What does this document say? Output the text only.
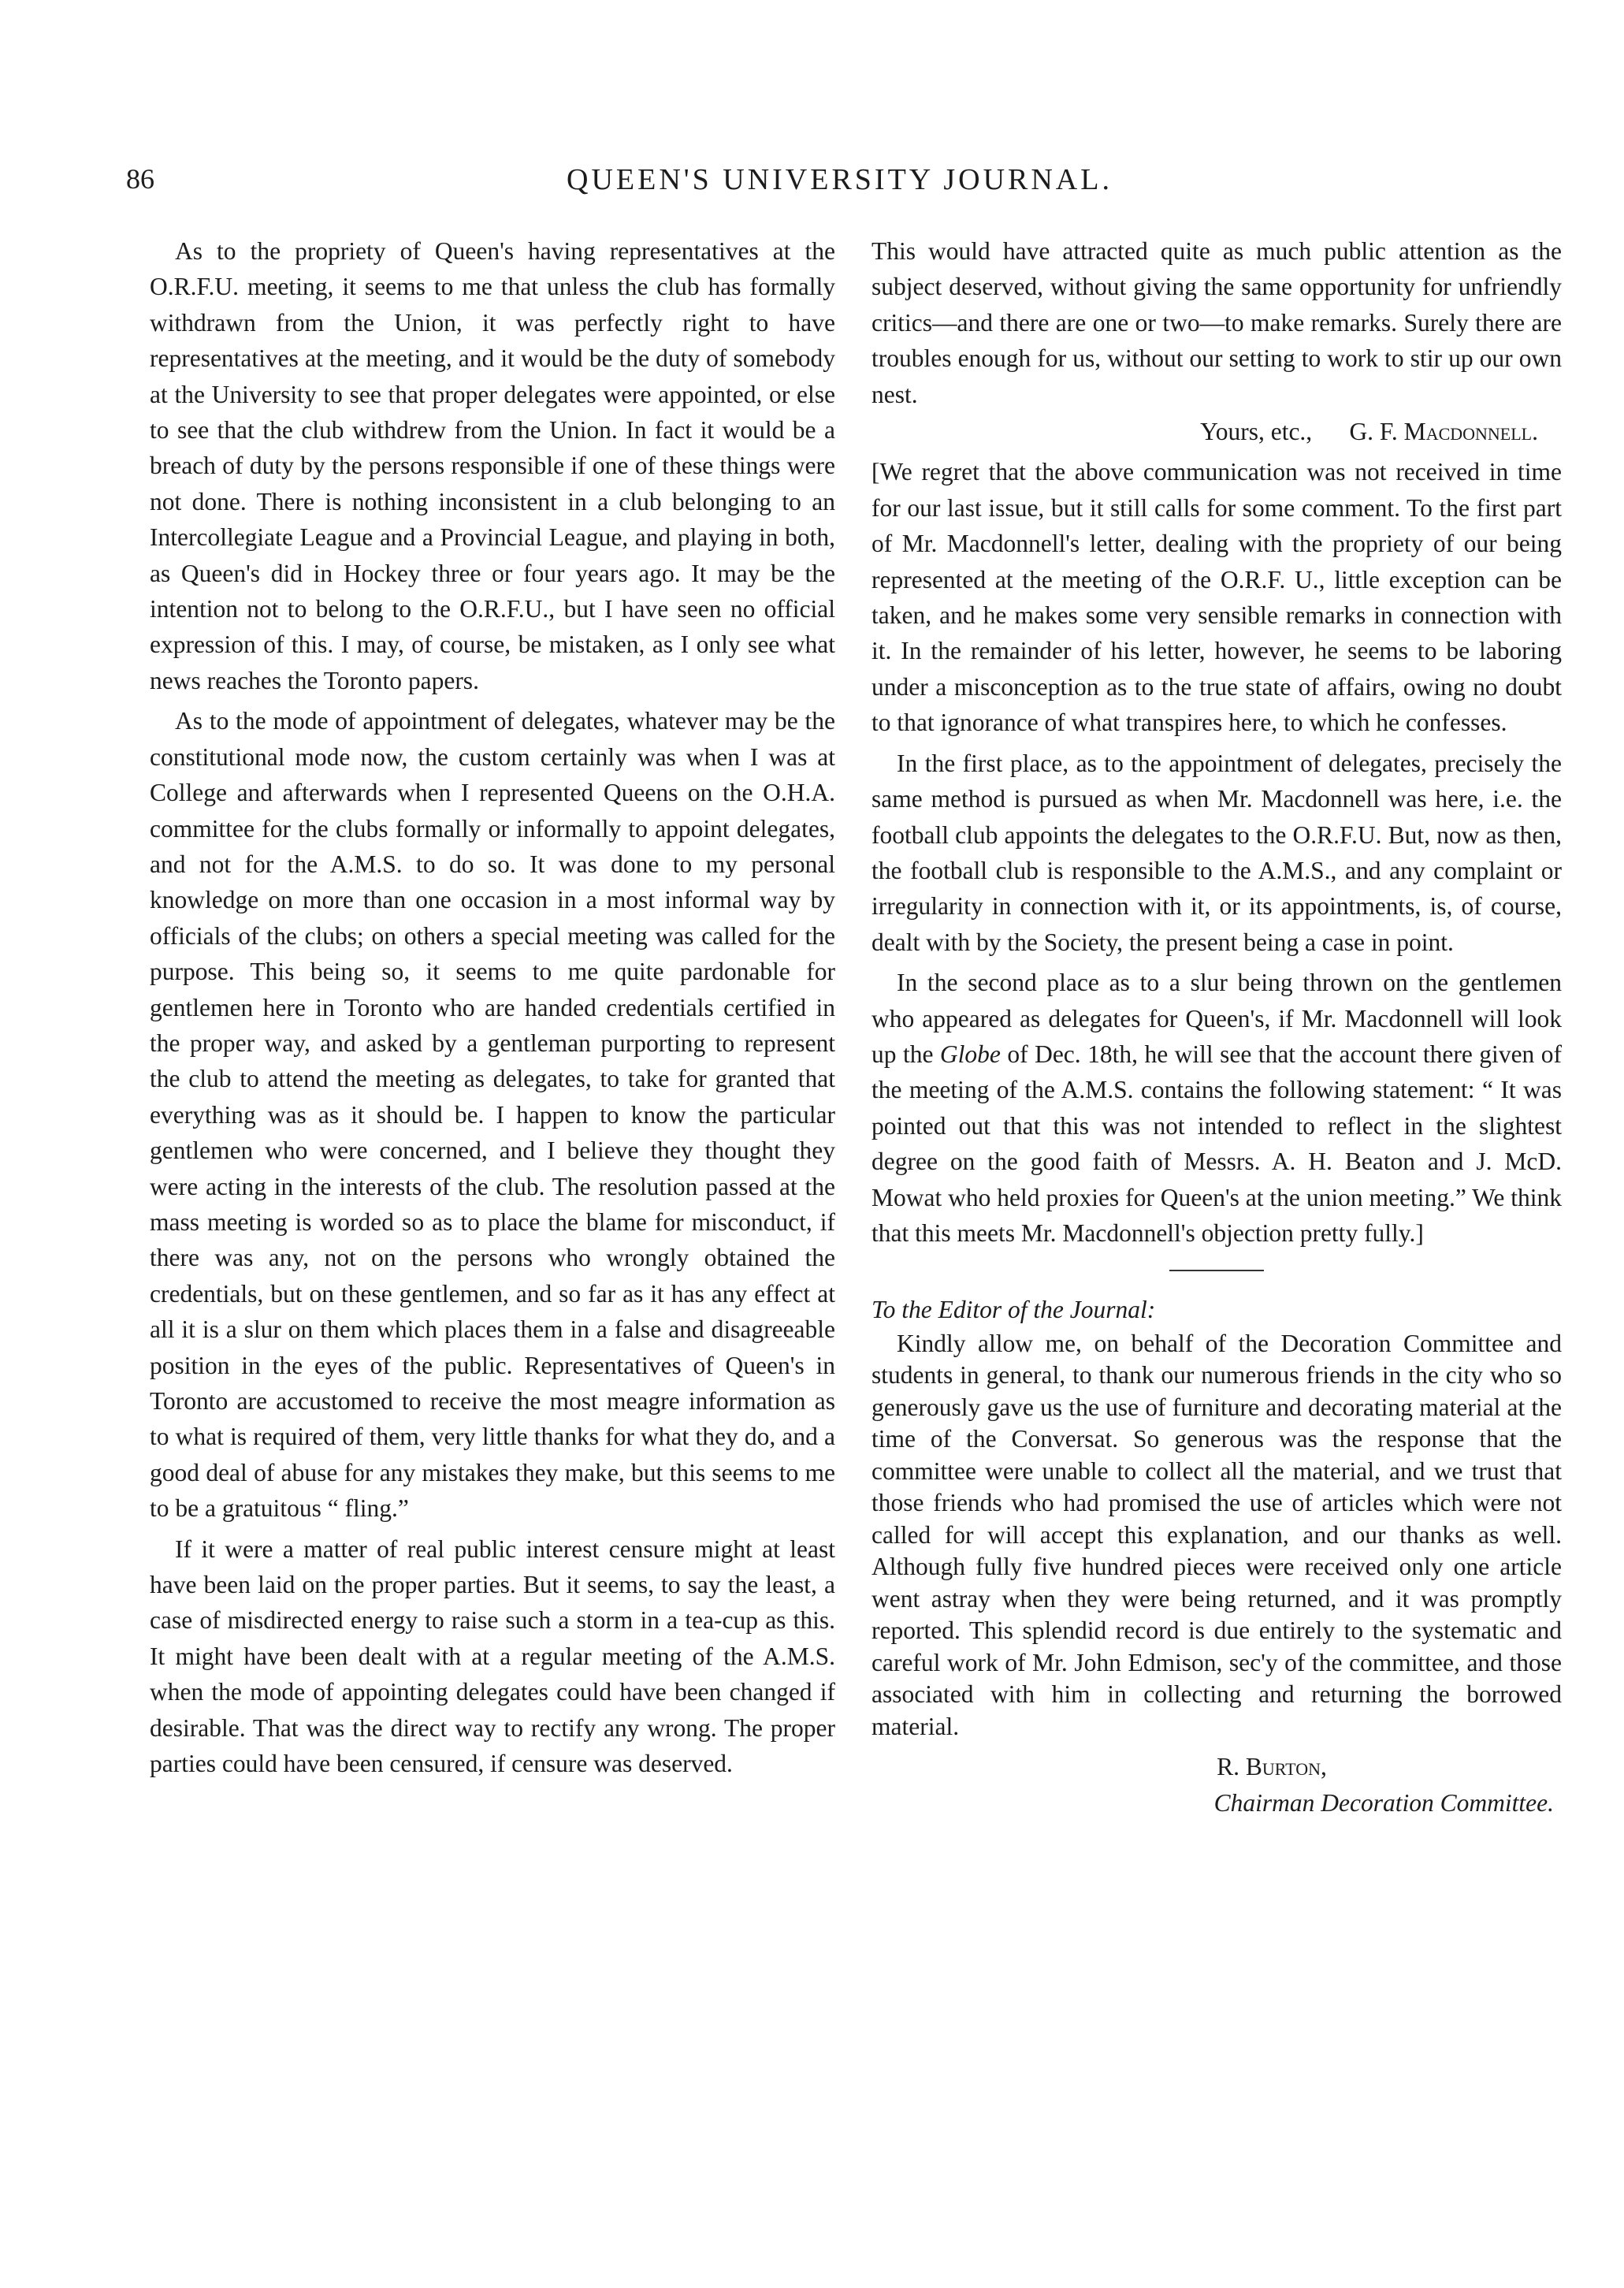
86	QUEEN'S UNIVERSITY JOURNAL.

As to the propriety of Queen's having representatives at the O.R.F.U. meeting, it seems to me that unless the club has formally withdrawn from the Union, it was perfectly right to have representatives at the meeting, and it would be the duty of somebody at the University to see that proper delegates were appointed, or else to see that the club withdrew from the Union. In fact it would be a breach of duty by the persons responsible if one of these things were not done. There is nothing inconsistent in a club belonging to an Intercollegiate League and a Provincial League, and playing in both, as Queen's did in Hockey three or four years ago. It may be the intention not to belong to the O.R.F.U., but I have seen no official expression of this. I may, of course, be mistaken, as I only see what news reaches the Toronto papers.

As to the mode of appointment of delegates, whatever may be the constitutional mode now, the custom certainly was when I was at College and afterwards when I represented Queens on the O.H.A. committee for the clubs formally or informally to appoint delegates, and not for the A.M.S. to do so. It was done to my personal knowledge on more than one occasion in a most informal way by officials of the clubs; on others a special meeting was called for the purpose. This being so, it seems to me quite pardonable for gentlemen here in Toronto who are handed credentials certified in the proper way, and asked by a gentleman purporting to represent the club to attend the meeting as delegates, to take for granted that everything was as it should be. I happen to know the particular gentlemen who were concerned, and I believe they thought they were acting in the interests of the club. The resolution passed at the mass meeting is worded so as to place the blame for misconduct, if there was any, not on the persons who wrongly obtained the credentials, but on these gentlemen, and so far as it has any effect at all it is a slur on them which places them in a false and disagreeable position in the eyes of the public. Representatives of Queen's in Toronto are accustomed to receive the most meagre information as to what is required of them, very little thanks for what they do, and a good deal of abuse for any mistakes they make, but this seems to me to be a gratuitous “ fling.”

If it were a matter of real public interest censure might at least have been laid on the proper parties. But it seems, to say the least, a case of misdirected energy to raise such a storm in a tea-cup as this. It might have been dealt with at a regular meeting of the A.M.S. when the mode of appointing delegates could have been changed if desirable. That was the direct way to rectify any wrong. The proper parties could have been censured, if censure was deserved.

This would have attracted quite as much public attention as the subject deserved, without giving the same opportunity for unfriendly critics—and there are one or two—to make remarks. Surely there are troubles enough for us, without our setting to work to stir up our own nest.

Yours, etc., G. F. Macdonnell.

[We regret that the above communication was not received in time for our last issue, but it still calls for some comment. To the first part of Mr. Macdonnell's letter, dealing with the propriety of our being represented at the meeting of the O.R.F. U., little exception can be taken, and he makes some very sensible remarks in connection with it. In the remainder of his letter, however, he seems to be laboring under a misconception as to the true state of affairs, owing no doubt to that ignorance of what transpires here, to which he confesses.

In the first place, as to the appointment of delegates, precisely the same method is pursued as when Mr. Macdonnell was here, i.e. the football club appoints the delegates to the O.R.F.U. But, now as then, the football club is responsible to the A.M.S., and any complaint or irregularity in connection with it, or its appointments, is, of course, dealt with by the Society, the present being a case in point.

In the second place as to a slur being thrown on the gentlemen who appeared as delegates for Queen's, if Mr. Macdonnell will look up the Globe of Dec. 18th, he will see that the account there given of the meeting of the A.M.S. contains the following statement: “ It was pointed out that this was not intended to reflect in the slightest degree on the good faith of Messrs. A. H. Beaton and J. McD. Mowat who held proxies for Queen's at the union meeting.” We think that this meets Mr. Macdonnell's objection pretty fully.]

To the Editor of the Journal:

Kindly allow me, on behalf of the Decoration Committee and students in general, to thank our numerous friends in the city who so generously gave us the use of furniture and decorating material at the time of the Conversat. So generous was the response that the committee were unable to collect all the material, and we trust that those friends who had promised the use of articles which were not called for will accept this explanation, and our thanks as well. Although fully five hundred pieces were received only one article went astray when they were being returned, and it was promptly reported. This splendid record is due entirely to the systematic and careful work of Mr. John Edmison, sec'y of the committee, and those associated with him in collecting and returning the borrowed material.

R. Burton,

Chairman Decoration Committee.
